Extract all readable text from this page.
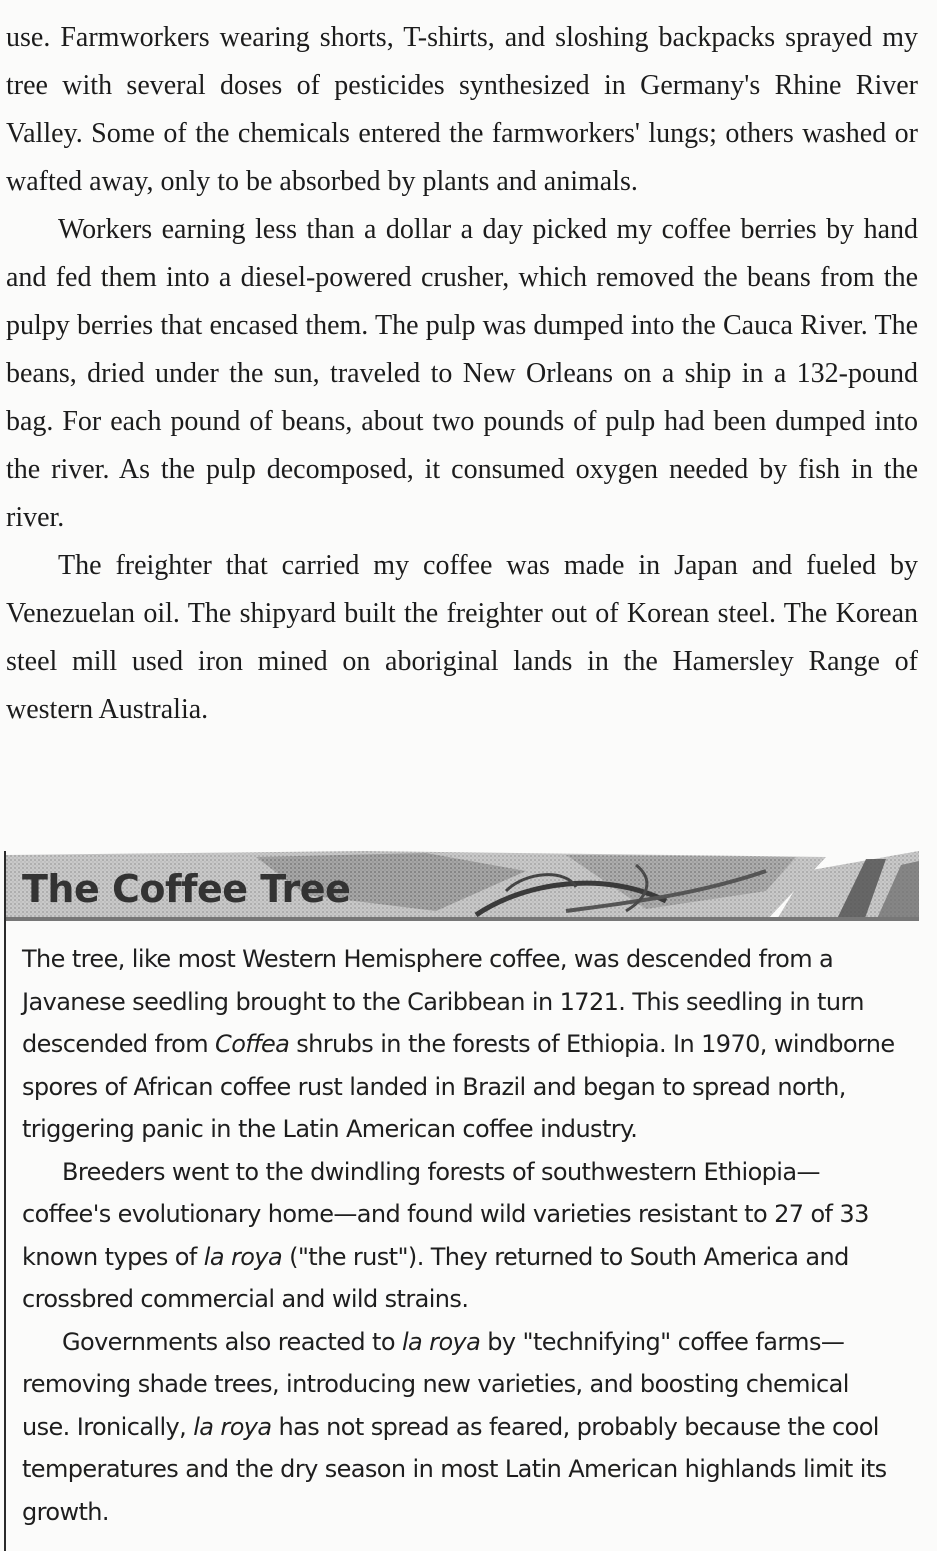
use. Farmworkers wearing shorts, T-shirts, and sloshing backpacks sprayed my tree with several doses of pesticides synthesized in Germany's Rhine River Valley. Some of the chemicals entered the farmworkers' lungs; others washed or wafted away, only to be absorbed by plants and animals.

Workers earning less than a dollar a day picked my coffee berries by hand and fed them into a diesel-powered crusher, which removed the beans from the pulpy berries that encased them. The pulp was dumped into the Cauca River. The beans, dried under the sun, traveled to New Orleans on a ship in a 132-pound bag. For each pound of beans, about two pounds of pulp had been dumped into the river. As the pulp decomposed, it consumed oxygen needed by fish in the river.

The freighter that carried my coffee was made in Japan and fueled by Venezuelan oil. The shipyard built the freighter out of Korean steel. The Korean steel mill used iron mined on aboriginal lands in the Hamersley Range of western Australia.

The Coffee Tree

The tree, like most Western Hemisphere coffee, was descended from a Javanese seedling brought to the Caribbean in 1721. This seedling in turn descended from Coffea shrubs in the forests of Ethiopia. In 1970, windborne spores of African coffee rust landed in Brazil and began to spread north, triggering panic in the Latin American coffee industry.

Breeders went to the dwindling forests of southwestern Ethiopia—coffee's evolutionary home—and found wild varieties resistant to 27 of 33 known types of la roya ("the rust"). They returned to South America and crossbred commercial and wild strains.

Governments also reacted to la roya by "technifying" coffee farms—removing shade trees, introducing new varieties, and boosting chemical use. Ironically, la roya has not spread as feared, probably because the cool temperatures and the dry season in most Latin American highlands limit its growth.
